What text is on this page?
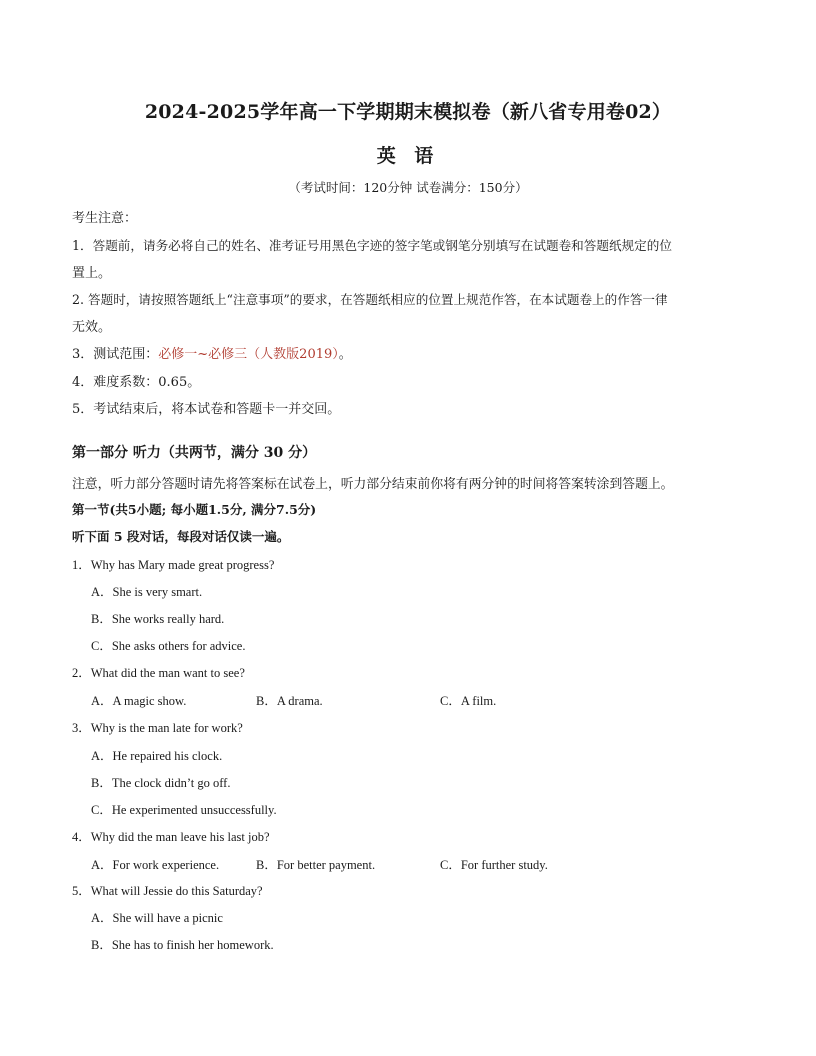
2024-2025学年高一下学期期末模拟卷（新八省专用卷02）
英 语
（考试时间：120分钟 试卷满分：150分）
考生注意：
1．答题前，请务必将自己的姓名、准考证号用黑色字迹的签字笔或钢笔分别填写在试题卷和答题纸规定的位
置上。
2. 答题时，请按照答题纸上“注意事项”的要求，在答题纸相应的位置上规范作答，在本试题卷上的作答一律
无效。
3．测试范围：必修一~必修三（人教版2019）。
4．难度系数：0.65。
5．考试结束后，将本试卷和答题卡一并交回。
第一部分 听力（共两节，满分 30 分）
注意，听力部分答题时请先将答案标在试卷上，听力部分结束前你将有两分钟的时间将答案转涂到答题上。
第一节(共5小题; 每小题1.5分, 满分7.5分)
听下面 5 段对话，每段对话仅读一遍。
1．Why has Mary made great progress?
A．She is very smart.
B．She works really hard.
C．She asks others for advice.
2．What did the man want to see?
A．A magic show.	B．A drama.	C．A film.
3．Why is the man late for work?
A．He repaired his clock.
B．The clock didn’t go off.
C．He experimented unsuccessfully.
4．Why did the man leave his last job?
A．For work experience.	B．For better payment.	C．For further study.
5．What will Jessie do this Saturday?
A．She will have a picnic
B．She has to finish her homework.
